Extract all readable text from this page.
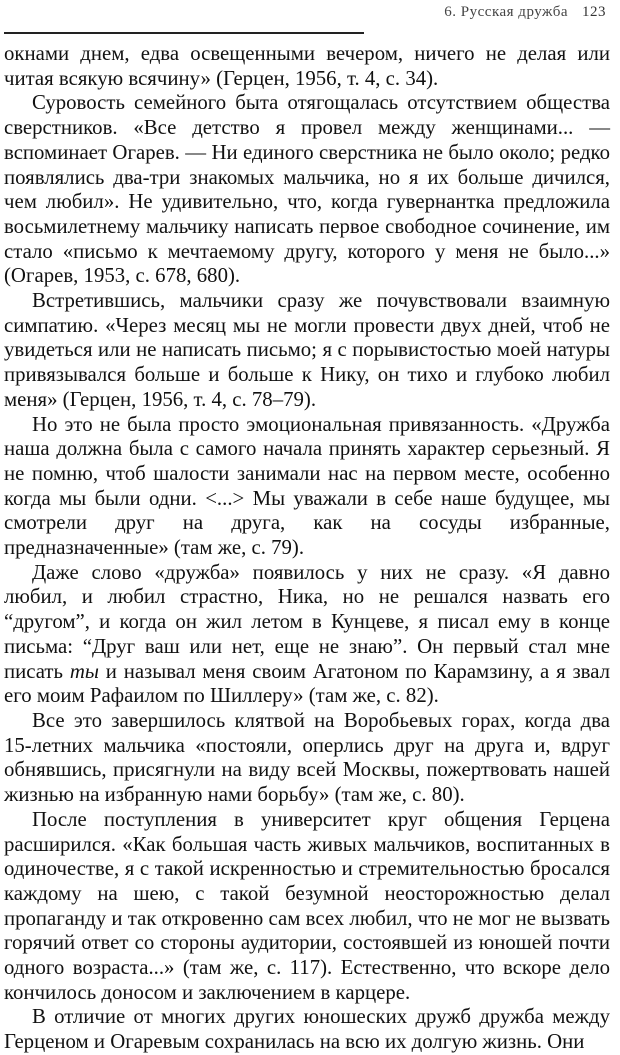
6. Русская дружба 123

окнами днем, едва освещенными вечером, ничего не делая или читая всякую всячину» (Герцен, 1956, т. 4, с. 34).

Суровость семейного быта отягощалась отсутствием общества сверстников. «Все детство я провел между женщинами... — вспоминает Огарев. — Ни единого сверстника не было около; редко появлялись два-три знакомых мальчика, но я их больше дичился, чем любил». Не удивительно, что, когда гувернантка предложила восьмилетнему мальчику написать первое свободное сочинение, им стало «письмо к мечтаемому другу, которого у меня не было...» (Огарев, 1953, с. 678, 680).

Встретившись, мальчики сразу же почувствовали взаимную симпатию. «Через месяц мы не могли провести двух дней, чтоб не увидеться или не написать письмо; я с порывистостью моей натуры привязывался больше и больше к Нику, он тихо и глубоко любил меня» (Герцен, 1956, т. 4, с. 78–79).

Но это не была просто эмоциональная привязанность. «Дружба наша должна была с самого начала принять характер серьезный. Я не помню, чтоб шалости занимали нас на первом месте, особенно когда мы были одни. <...> Мы уважали в себе наше будущее, мы смотрели друг на друга, как на сосуды избранные, предназначенные» (там же, с. 79).

Даже слово «дружба» появилось у них не сразу. «Я давно любил, и любил страстно, Ника, но не решался назвать его “другом”, и когда он жил летом в Кунцеве, я писал ему в конце письма: “Друг ваш или нет, еще не знаю”. Он первый стал мне писать ты и называл меня своим Агатоном по Карамзину, а я звал его моим Рафаилом по Шиллеру» (там же, с. 82).

Все это завершилось клятвой на Воробьевых горах, когда два 15-летних мальчика «постояли, оперлись друг на друга и, вдруг обнявшись, присягнули на виду всей Москвы, пожертвовать нашей жизнью на избранную нами борьбу» (там же, с. 80).

После поступления в университет круг общения Герцена расширился. «Как большая часть живых мальчиков, воспитанных в одиночестве, я с такой искренностью и стремительностью бросался каждому на шею, с такой безумной неосторожностью делал пропаганду и так откровенно сам всех любил, что не мог не вызвать горячий ответ со стороны аудитории, состоявшей из юношей почти одного возраста...» (там же, с. 117). Естественно, что вскоре дело кончилось доносом и заключением в карцере.

В отличие от многих других юношеских дружб дружба между Герценом и Огаревым сохранилась на всю их долгую жизнь. Они
